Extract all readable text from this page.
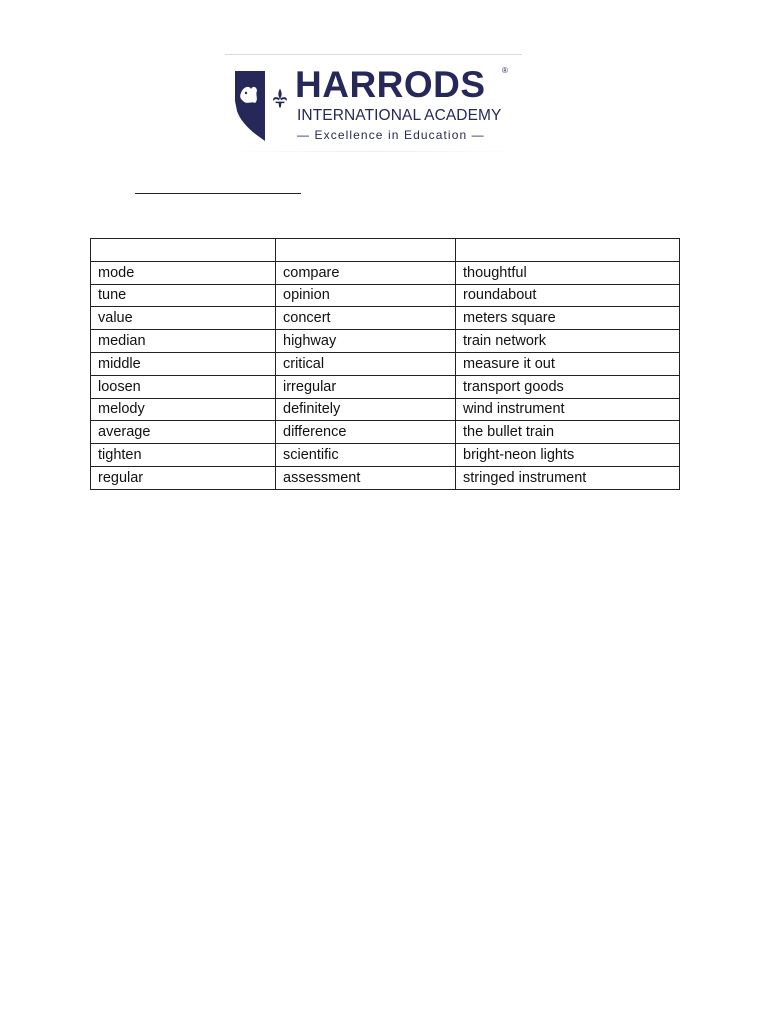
HARRODS ®
INTERNATIONAL ACADEMY
— Excellence in Education —

mode	compare	thoughtful
tune	opinion	roundabout
value	concert	meters square
median	highway	train network
middle	critical	measure it out
loosen	irregular	transport goods
melody	definitely	wind instrument
average	difference	the bullet train
tighten	scientific	bright-neon lights
regular	assessment	stringed instrument
